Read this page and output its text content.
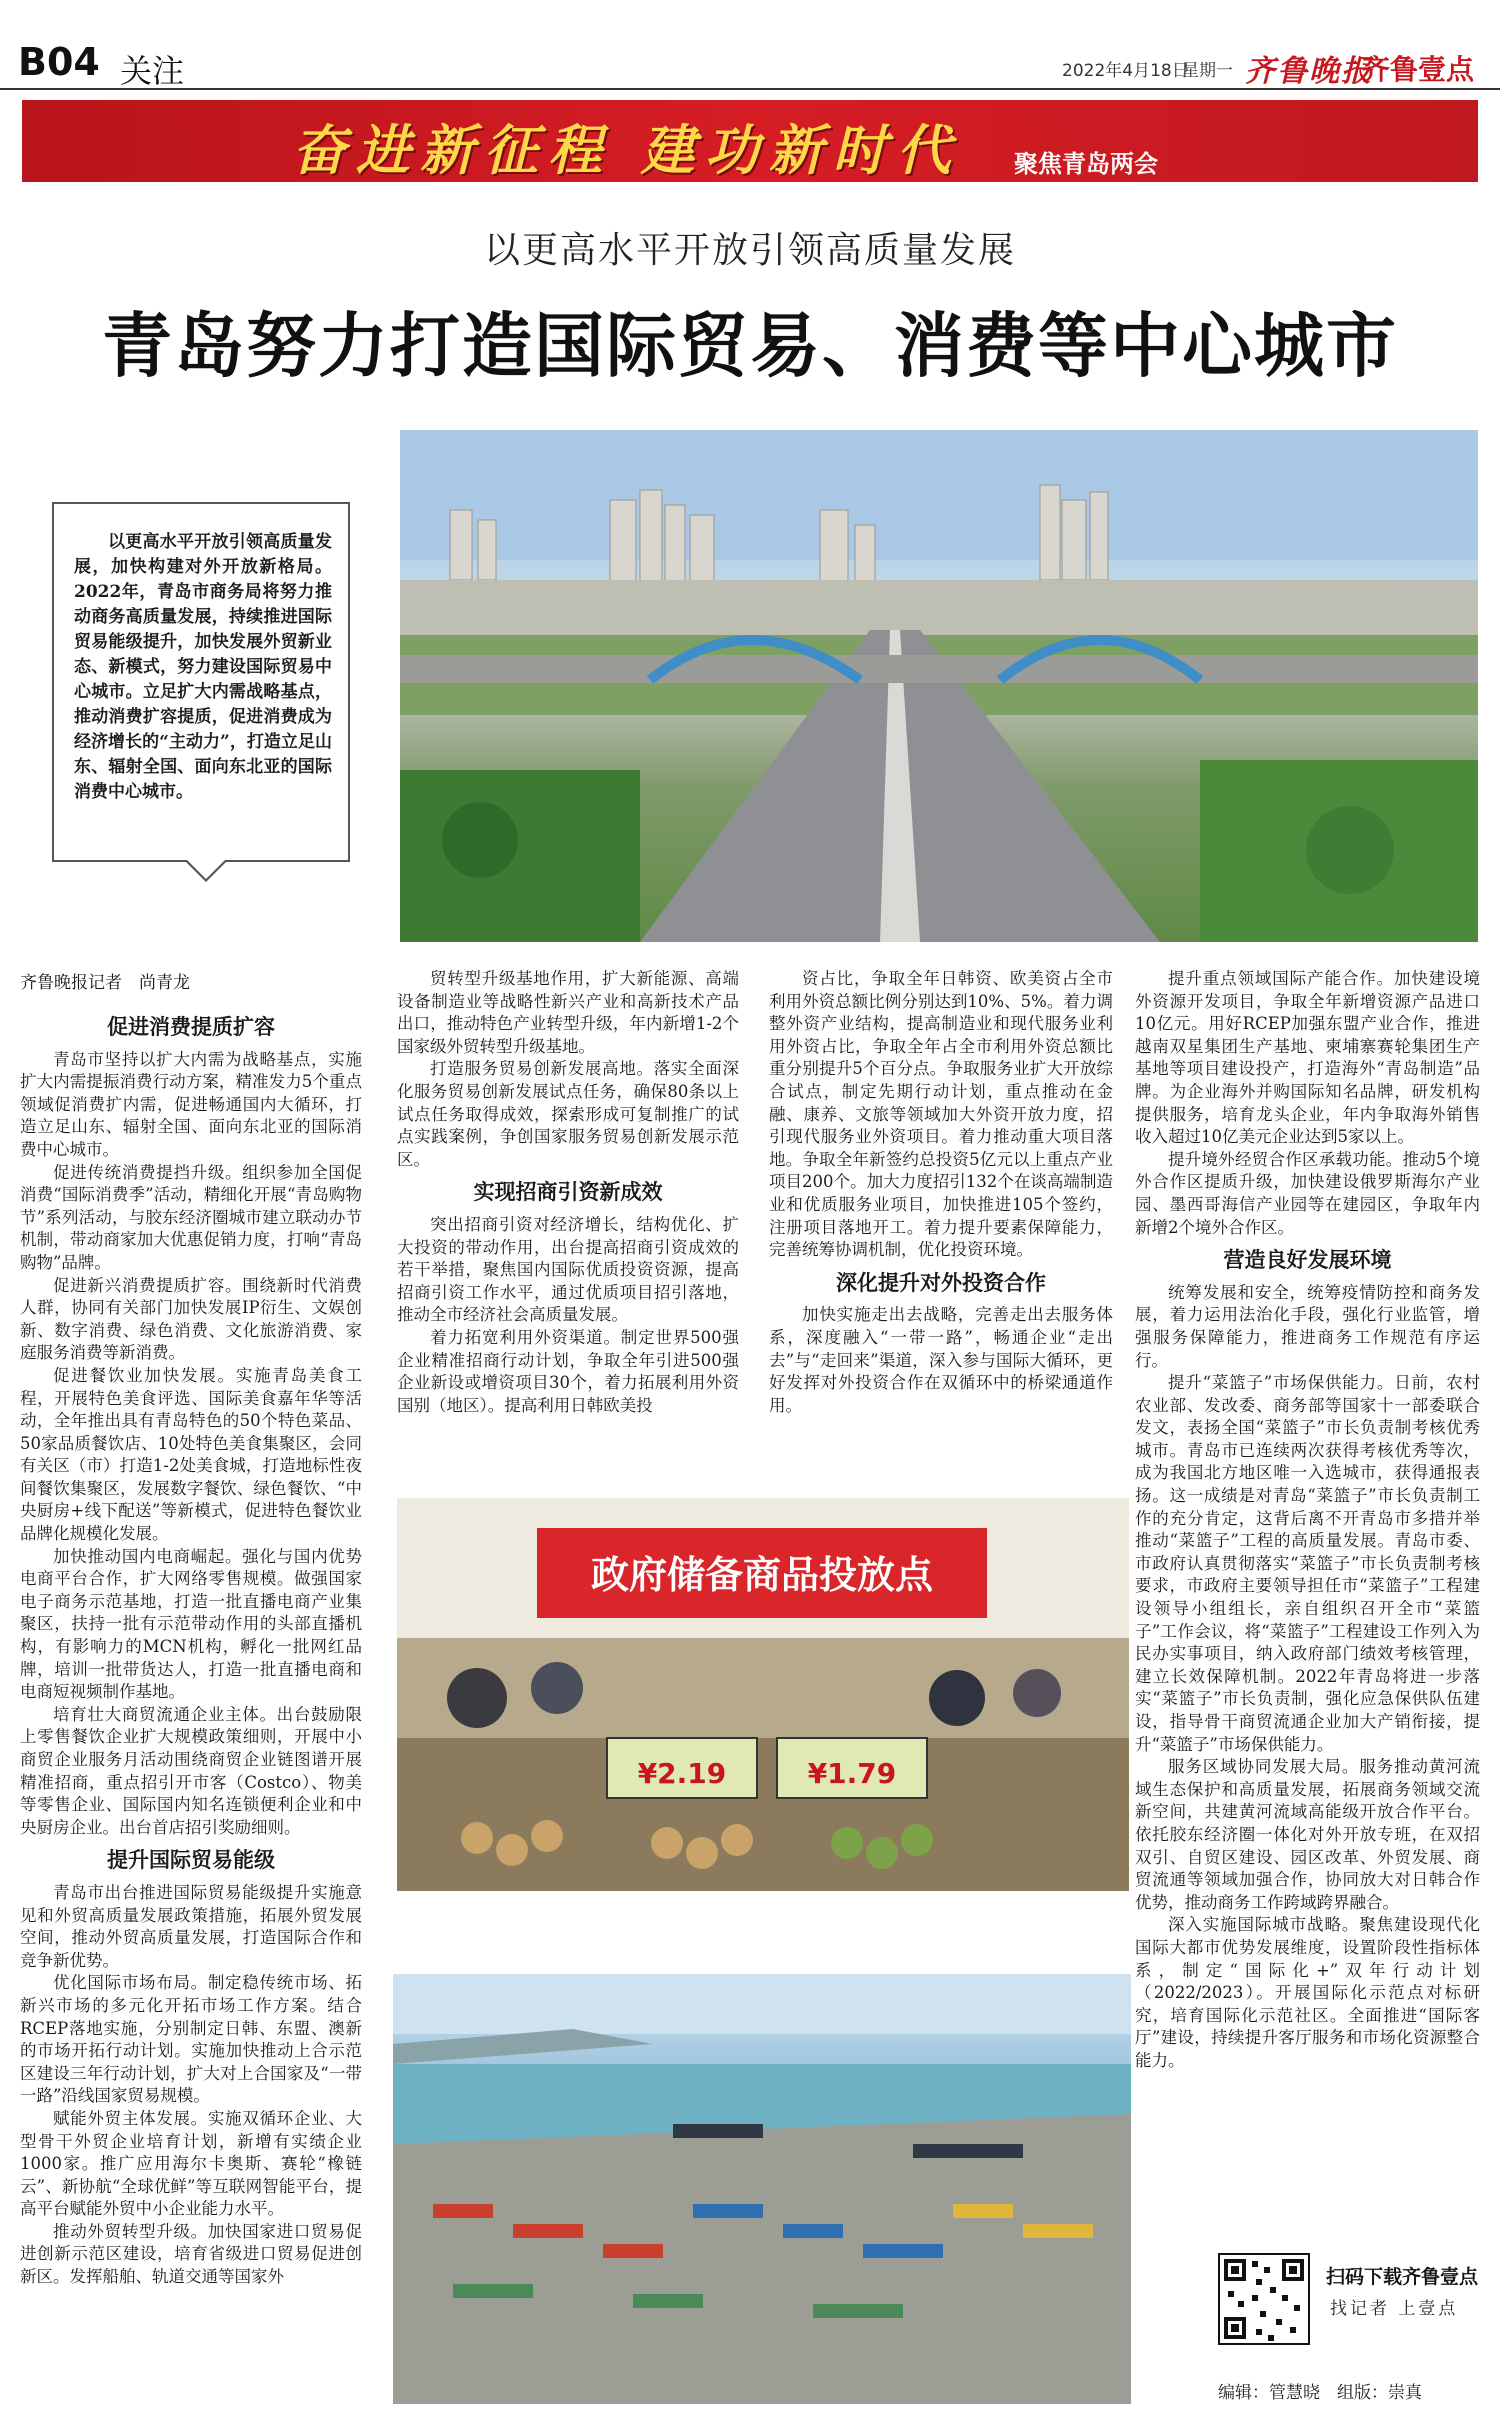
B04 关注	2022年4月18日
星期一 齐鲁晚报
齐鲁壹点
奋进新征程 建功新时代 聚焦青岛两会
以更高水平开放引领高质量发展
青岛努力打造国际贸易、消费等中心城市

以更高水平开放引领高质量发展，加快构建对外开放新格局。2022年，青岛市商务局将努力推动商务高质量发展，持续推进国际贸易能级提升，加快发展外贸新业态、新模式，努力建设国际贸易中心城市。立足扩大内需战略基点，推动消费扩容提质，促进消费成为经济增长的“主动力”，打造立足山东、辐射全国、面向东北亚的国际消费中心城市。

齐鲁晚报记者　尚青龙
促进消费提质扩容

青岛市坚持以扩大内需为战略基点，实施扩大内需提振消费行动方案，精准发力5个重点领域促消费扩内需，促进畅通国内大循环，打造立足山东、辐射全国、面向东北亚的国际消费中心城市。

促进传统消费提挡升级。组织参加全国促消费“国际消费季”活动，精细化开展“青岛购物节”系列活动，与胶东经济圈城市建立联动办节机制，带动商家加大优惠促销力度，打响“青岛购物”品牌。

促进新兴消费提质扩容。围绕新时代消费人群，协同有关部门加快发展IP衍生、文娱创新、数字消费、绿色消费、文化旅游消费、家庭服务消费等新消费。

促进餐饮业加快发展。实施青岛美食工程，开展特色美食评选、国际美食嘉年华等活动，全年推出具有青岛特色的50个特色菜品、50家品质餐饮店、10处特色美食集聚区，会同有关区（市）打造1-2处美食城，打造地标性夜间餐饮集聚区，发展数字餐饮、绿色餐饮、“中央厨房+线下配送”等新模式，促进特色餐饮业品牌化规模化发展。

加快推动国内电商崛起。强化与国内优势电商平台合作，扩大网络零售规模。做强国家电子商务示范基地，打造一批直播电商产业集聚区，扶持一批有示范带动作用的头部直播机构，有影响力的MCN机构，孵化一批网红品牌，培训一批带货达人，打造一批直播电商和电商短视频制作基地。

培育壮大商贸流通企业主体。出台鼓励限上零售餐饮企业扩大规模政策细则，开展中小商贸企业服务月活动围绕商贸企业链图谱开展精准招商，重点招引开市客（Costco）、物美等零售企业、国际国内知名连锁便利企业和中央厨房企业。出台首店招引奖励细则。

提升国际贸易能级

青岛市出台推进国际贸易能级提升实施意见和外贸高质量发展政策措施，拓展外贸发展空间，推动外贸高质量发展，打造国际合作和竞争新优势。

优化国际市场布局。制定稳传统市场、拓新兴市场的多元化开拓市场工作方案。结合RCEP落地实施，分别制定日韩、东盟、澳新的市场开拓行动计划。实施加快推动上合示范区建设三年行动计划，扩大对上合国家及“一带一路”沿线国家贸易规模。

赋能外贸主体发展。实施双循环企业、大型骨干外贸企业培育计划，新增有实绩企业1000家。推广应用海尔卡奥斯、赛轮“橡链云”、新协航“全球优鲜”等互联网智能平台，提高平台赋能外贸中小企业能力水平。

推动外贸转型升级。加快国家进口贸易促进创新示范区建设，培育省级进口贸易促进创新区。发挥船舶、轨道交通等国家外

贸转型升级基地作用，扩大新能源、高端设备制造业等战略性新兴产业和高新技术产品出口，推动特色产业转型升级，年内新增1-2个国家级外贸转型升级基地。

打造服务贸易创新发展高地。落实全面深化服务贸易创新发展试点任务，确保80条以上试点任务取得成效，探索形成可复制推广的试点实践案例，争创国家服务贸易创新发展示范区。

实现招商引资新成效

突出招商引资对经济增长，结构优化、扩大投资的带动作用，出台提高招商引资成效的若干举措，聚焦国内国际优质投资资源，提高招商引资工作水平，通过优质项目招引落地，推动全市经济社会高质量发展。

着力拓宽利用外资渠道。制定世界500强企业精准招商行动计划，争取全年引进500强企业新设或增资项目30个，着力拓展利用外资国别（地区）。提高利用日韩欧美投

资占比，争取全年日韩资、欧美资占全市利用外资总额比例分别达到10%、5%。着力调整外资产业结构，提高制造业和现代服务业利用外资占比，争取全年占全市利用外资总额比重分别提升5个百分点。争取服务业扩大开放综合试点，制定先期行动计划，重点推动在金融、康养、文旅等领域加大外资开放力度，招引现代服务业外资项目。着力推动重大项目落地。争取全年新签约总投资5亿元以上重点产业项目200个。加大力度招引132个在谈高端制造业和优质服务业项目，加快推进105个签约，注册项目落地开工。着力提升要素保障能力，完善统筹协调机制，优化投资环境。

深化提升对外投资合作

加快实施走出去战略，完善走出去服务体系，深度融入“一带一路”，畅通企业“走出去”与“走回来”渠道，深入参与国际大循环，更好发挥对外投资合作在双循环中的桥梁通道作用。

提升重点领域国际产能合作。加快建设境外资源开发项目，争取全年新增资源产品进口10亿元。用好RCEP加强东盟产业合作，推进越南双星集团生产基地、柬埔寨赛轮集团生产基地等项目建设投产，打造海外“青岛制造”品牌。为企业海外并购国际知名品牌，研发机构提供服务，培育龙头企业，年内争取海外销售收入超过10亿美元企业达到5家以上。

提升境外经贸合作区承载功能。推动5个境外合作区提质升级，加快建设俄罗斯海尔产业园、墨西哥海信产业园等在建园区，争取年内新增2个境外合作区。

营造良好发展环境

统筹发展和安全，统筹疫情防控和商务发展，着力运用法治化手段，强化行业监管，增强服务保障能力，推进商务工作规范有序运行。

提升“菜篮子”市场保供能力。日前，农村农业部、发改委、商务部等国家十一部委联合发文，表扬全国“菜篮子”市长负责制考核优秀城市。青岛市已连续两次获得考核优秀等次，成为我国北方地区唯一入选城市，获得通报表扬。这一成绩是对青岛“菜篮子”市长负责制工作的充分肯定，这背后离不开青岛市多措并举推动“菜篮子”工程的高质量发展。青岛市委、市政府认真贯彻落实“菜篮子”市长负责制考核要求，市政府主要领导担任市“菜篮子”工程建设领导小组组长，亲自组织召开全市“菜篮子”工作会议，将“菜篮子”工程建设工作列入为民办实事项目，纳入政府部门绩效考核管理，建立长效保障机制。2022年青岛将进一步落实“菜篮子”市长负责制，强化应急保供队伍建设，指导骨干商贸流通企业加大产销衔接，提升“菜篮子”市场保供能力。

服务区域协同发展大局。服务推动黄河流域生态保护和高质量发展，拓展商务领域交流新空间，共建黄河流域高能级开放合作平台。依托胶东经济圈一体化对外开放专班，在双招双引、自贸区建设、园区改革、外贸发展、商贸流通等领域加强合作，协同放大对日韩合作优势，推动商务工作跨域跨界融合。

深入实施国际城市战略。聚焦建设现代化国际大都市优势发展维度，设置阶段性指标体系，制定“国际化+”双年行动计划（2022/2023）。开展国际化示范点对标研究，培育国际化示范社区。全面推进“国际客厅”建设，持续提升客厅服务和市场化资源整合能力。

政府储备商品投放点
¥2.19	¥1.79
扫码下载齐鲁壹点
找记者 上壹点
编辑：管慧晓　组版：崇真
